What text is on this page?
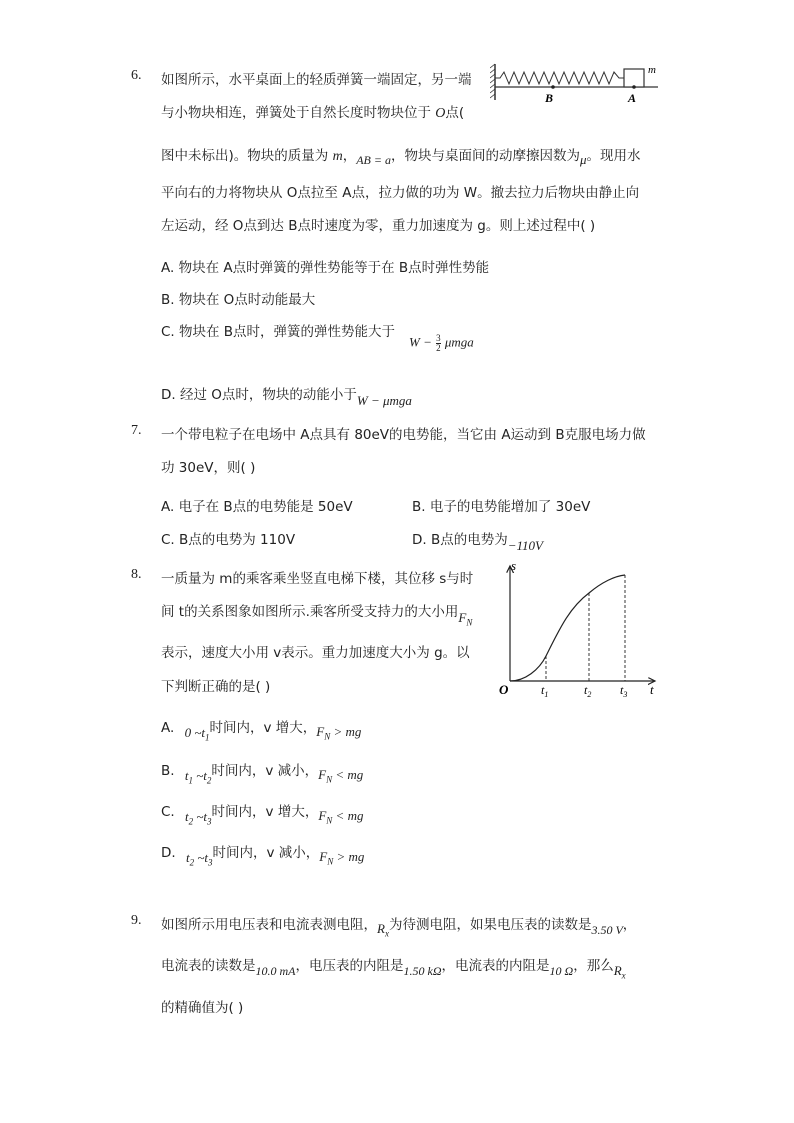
6. 如图所示，水平桌面上的轻质弹簧一端固定，另一端
与小物块相连，弹簧处于自然长度时物块位于 O点(
图中未标出)。物块的质量为 m，AB = a，物块与桌面间的动摩擦因数为μ。现用水
平向右的力将物块从 O点拉至 A点，拉力做的功为 W。撤去拉力后物块由静止向
左运动，经 O点到达 B点时速度为零，重力加速度为 g。则上述过程中( )
m
B	A
A. 物块在 A点时弹簧的弹性势能等于在 B点时弹性势能
B. 物块在 O点时动能最大
C. 物块在 B点时，弹簧的弹性势能大于
$W - \frac{3}{2}$ μmga
D. 经过 O点时，物块的动能小于W − μmga
7. 一个带电粒子在电场中 A点具有 80eV的电势能，当它由 A运动到 B克服电场力做
功 30eV，则( )
A. 电子在 B点的电势能是 50eV	B. 电子的电势能增加了 30eV
C. B点的电势为 110V	D. B点的电势为−110V
8. 一质量为 m的乘客乘坐竖直电梯下楼，其位移 s与时
间 t的关系图象如图所示.乘客所受支持力的大小用$F_N$
表示，速度大小用 v表示。重力加速度大小为 g。以
下判断正确的是( )
s
t
O	$t_1$	$t_2$ $t_3$
A. 0 $\sim t_1$时间内，v 增大，$F_N$ > mg
B. $t_1$ $\sim t_2$时间内，v 减小，$F_N$ < mg
C. $t_2$ $\sim t_3$时间内，v 增大，$F_N$ < mg
D. $t_2$ $\sim t_3$时间内，v 减小，$F_N$ > mg
9. 如图所示用电压表和电流表测电阻，$R_x$为待测电阻，如果电压表的读数是3.50 V，
电流表的读数是10.0 mA，电压表的内阻是1.50 kΩ，电流表的内阻是10 Ω，那么$R_x$
的精确值为( )
